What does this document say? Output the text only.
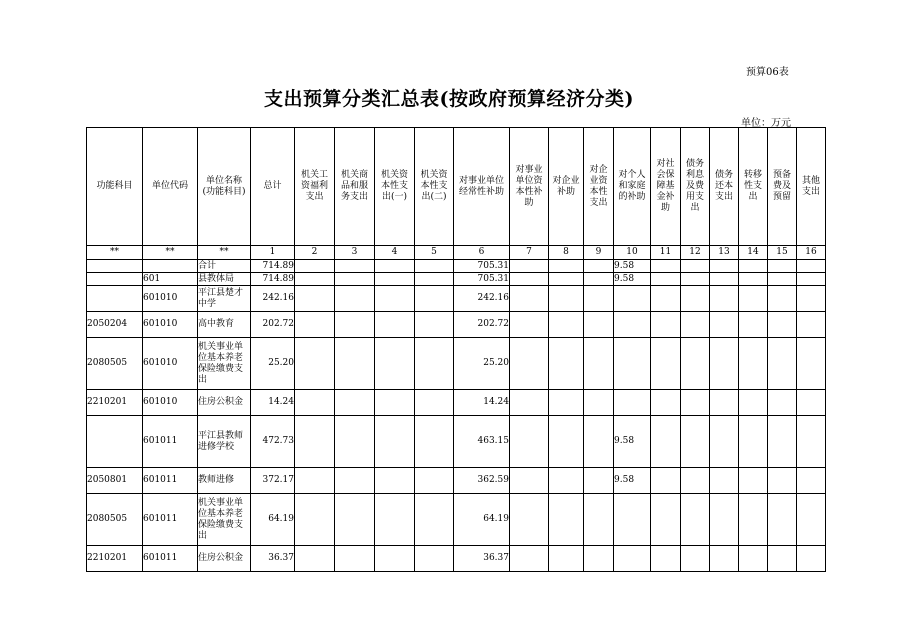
预算06表
支出预算分类汇总表(按政府预算经济分类)
单位：万元
功能科目	单位代码	单位名称(功能科目)	总计	机关工资福利支出	机关商品和服务支出	机关资本性支出(一)	机关资本性支出(二)	对事业单位经常性补助	对事业单位资本性补助	对企业补助	对企业资本性支出	对个人和家庭的补助	对社会保障基金补助	债务利息及费用支出	债务还本支出	转移性支出	预备费及预留	其他支出
**	**	**	1	2	3	4	5	6	7	8	9	10	11	12	13	14	15	16
		合计	714.89					705.31				9.58						
	601	县教体局	714.89					705.31				9.58						
	601010	平江县楚才中学	242.16					242.16										
2050204	601010	高中教育	202.72					202.72										
2080505	601010	机关事业单位基本养老保险缴费支出	25.20					25.20										
2210201	601010	住房公积金	14.24					14.24										
	601011	平江县教师进修学校	472.73					463.15				9.58						
2050801	601011	教师进修	372.17					362.59				9.58						
2080505	601011	机关事业单位基本养老保险缴费支出	64.19					64.19										
2210201	601011	住房公积金	36.37					36.37										
